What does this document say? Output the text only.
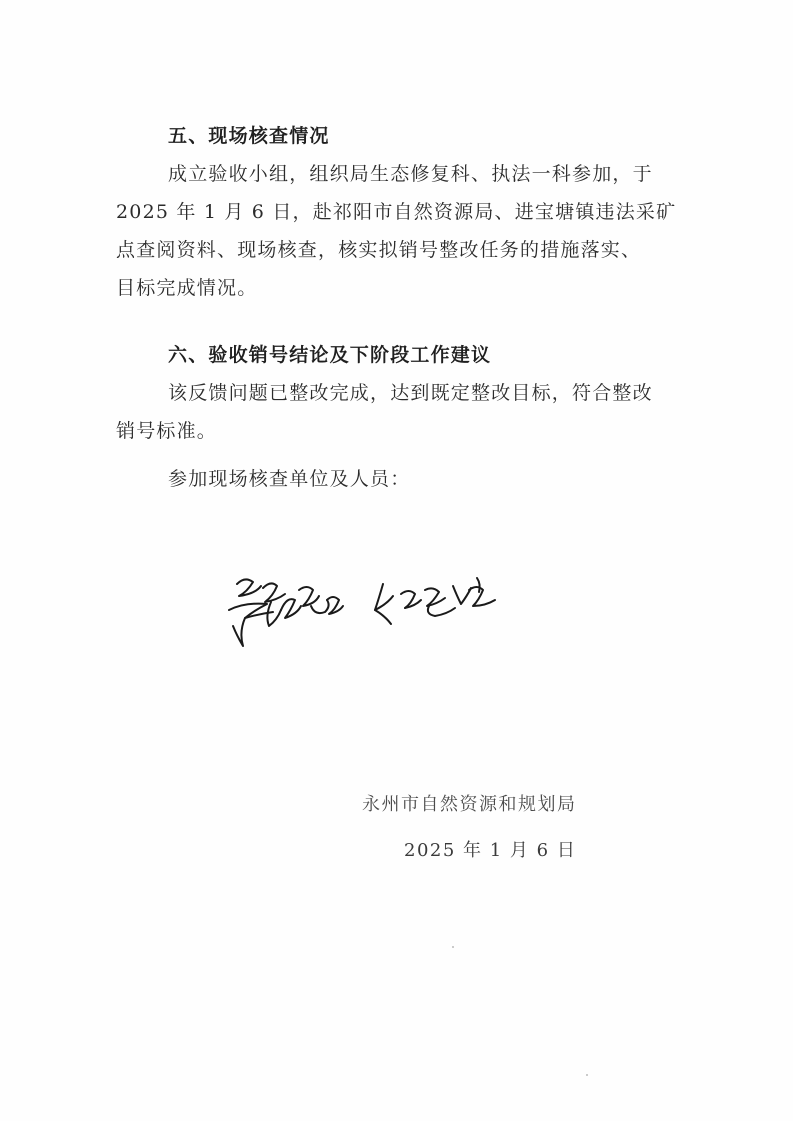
五、现场核查情况
成立验收小组，组织局生态修复科、执法一科参加，于
2025 年 1 月 6 日，赴祁阳市自然资源局、进宝塘镇违法采矿
点查阅资料、现场核查，核实拟销号整改任务的措施落实、
目标完成情况。
六、验收销号结论及下阶段工作建议
该反馈问题已整改完成，达到既定整改目标，符合整改
销号标准。
参加现场核查单位及人员：
永州市自然资源和规划局
2025 年 1 月 6 日
